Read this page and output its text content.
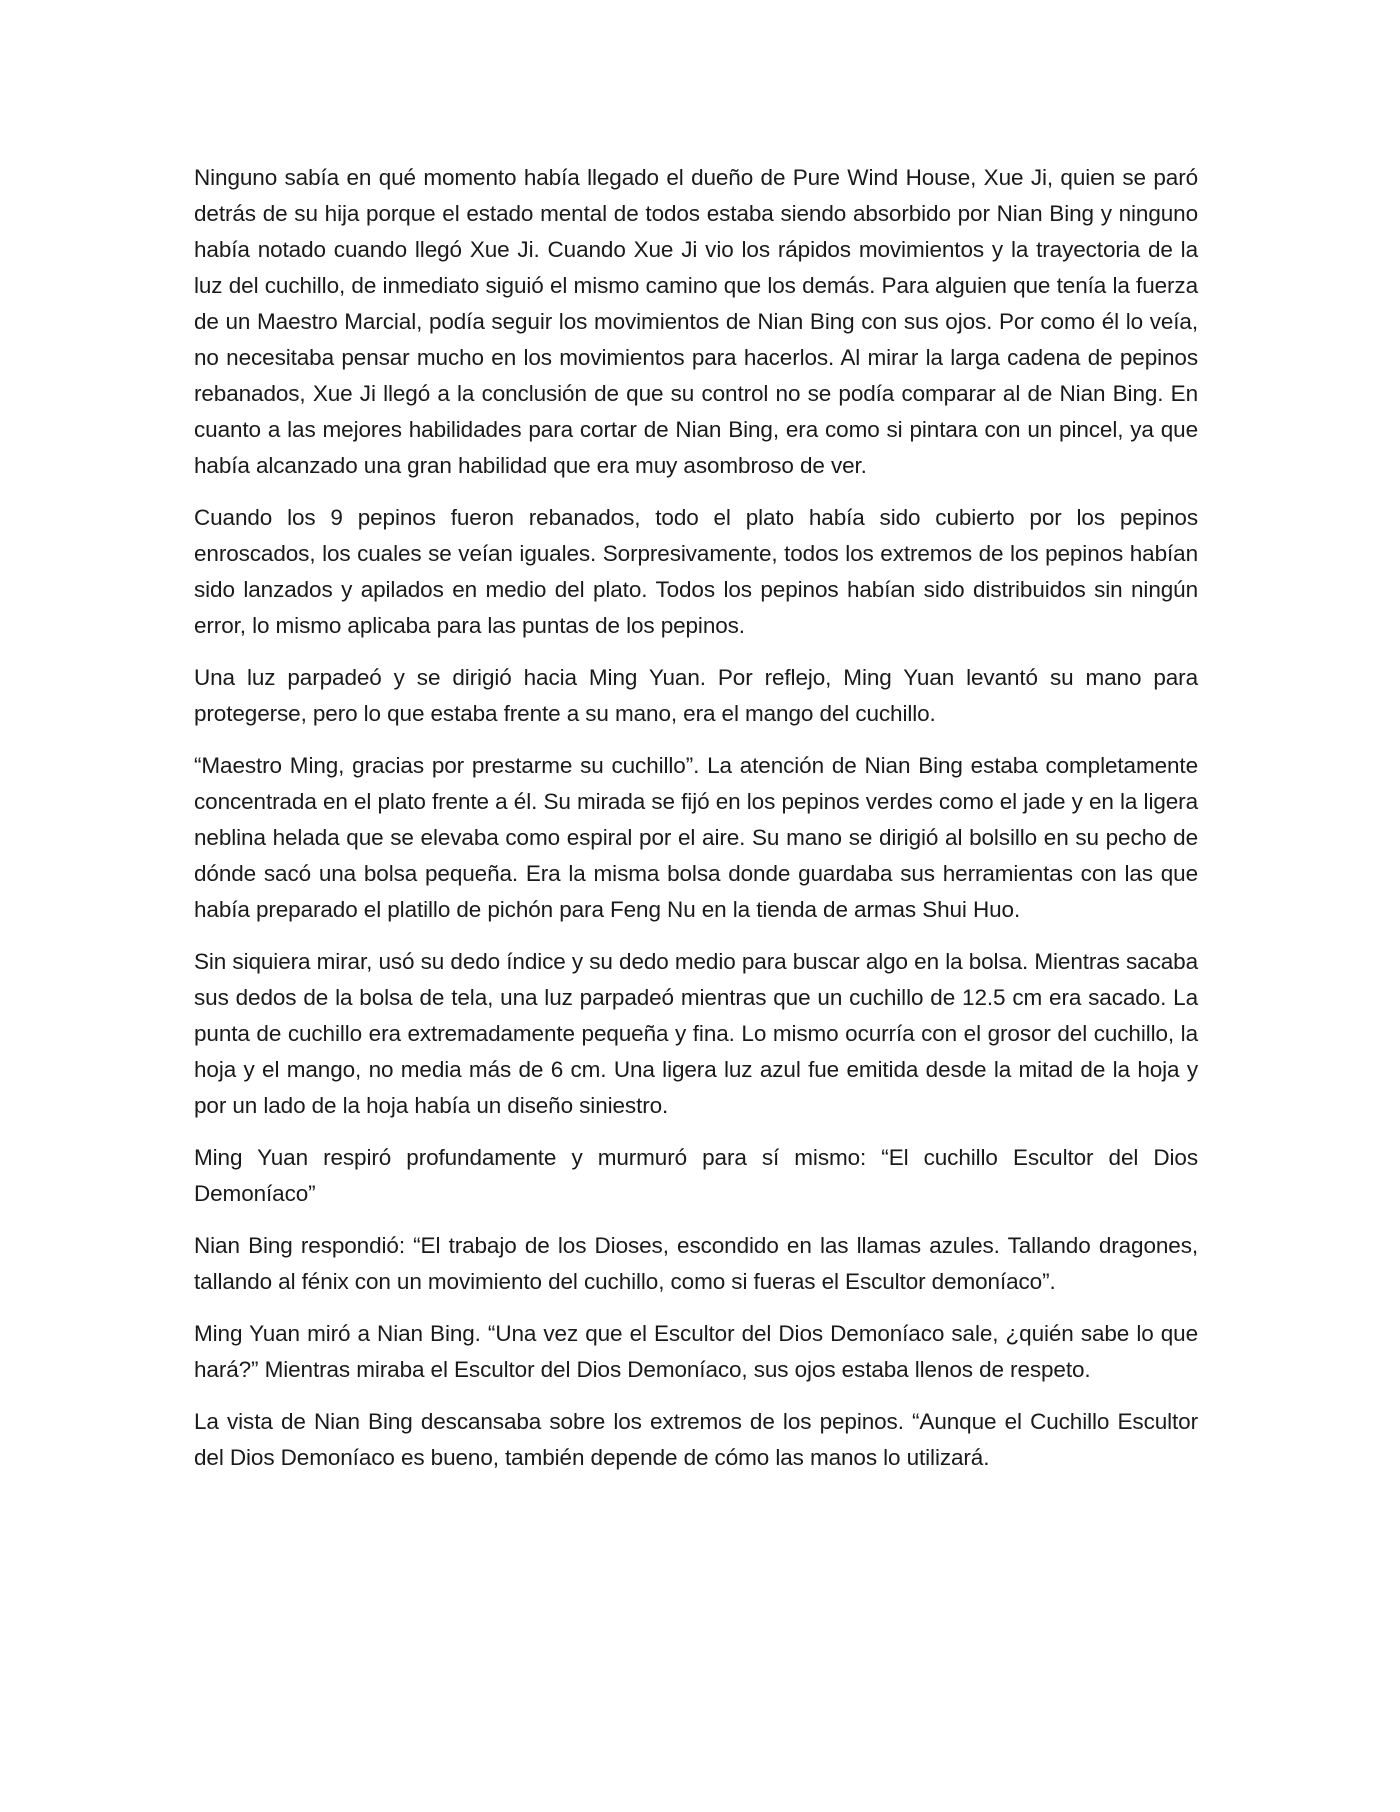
Ninguno sabía en qué momento había llegado el dueño de Pure Wind House, Xue Ji, quien se paró detrás de su hija porque el estado mental de todos estaba siendo absorbido por Nian Bing y ninguno había notado cuando llegó Xue Ji. Cuando Xue Ji vio los rápidos movimientos y la trayectoria de la luz del cuchillo, de inmediato siguió el mismo camino que los demás. Para alguien que tenía la fuerza de un Maestro Marcial, podía seguir los movimientos de Nian Bing con sus ojos. Por como él lo veía, no necesitaba pensar mucho en los movimientos para hacerlos. Al mirar la larga cadena de pepinos rebanados, Xue Ji llegó a la conclusión de que su control no se podía comparar al de Nian Bing. En cuanto a las mejores habilidades para cortar de Nian Bing, era como si pintara con un pincel, ya que había alcanzado una gran habilidad que era muy asombroso de ver.

Cuando los 9 pepinos fueron rebanados, todo el plato había sido cubierto por los pepinos enroscados, los cuales se veían iguales. Sorpresivamente, todos los extremos de los pepinos habían sido lanzados y apilados en medio del plato. Todos los pepinos habían sido distribuidos sin ningún error, lo mismo aplicaba para las puntas de los pepinos.

Una luz parpadeó y se dirigió hacia Ming Yuan. Por reflejo, Ming Yuan levantó su mano para protegerse, pero lo que estaba frente a su mano, era el mango del cuchillo.

“Maestro Ming, gracias por prestarme su cuchillo”. La atención de Nian Bing estaba completamente concentrada en el plato frente a él. Su mirada se fijó en los pepinos verdes como el jade y en la ligera neblina helada que se elevaba como espiral por el aire. Su mano se dirigió al bolsillo en su pecho de dónde sacó una bolsa pequeña. Era la misma bolsa donde guardaba sus herramientas con las que había preparado el platillo de pichón para Feng Nu en la tienda de armas Shui Huo.

Sin siquiera mirar, usó su dedo índice y su dedo medio para buscar algo en la bolsa. Mientras sacaba sus dedos de la bolsa de tela, una luz parpadeó mientras que un cuchillo de 12.5 cm era sacado. La punta de cuchillo era extremadamente pequeña y fina. Lo mismo ocurría con el grosor del cuchillo, la hoja y el mango, no media más de 6 cm. Una ligera luz azul fue emitida desde la mitad de la hoja y por un lado de la hoja había un diseño siniestro.

Ming Yuan respiró profundamente y murmuró para sí mismo: “El cuchillo Escultor del Dios Demoníaco”

Nian Bing respondió: “El trabajo de los Dioses, escondido en las llamas azules. Tallando dragones, tallando al fénix con un movimiento del cuchillo, como si fueras el Escultor demoníaco”.

Ming Yuan miró a Nian Bing. “Una vez que el Escultor del Dios Demoníaco sale, ¿quién sabe lo que hará?” Mientras miraba el Escultor del Dios Demoníaco, sus ojos estaba llenos de respeto.

La vista de Nian Bing descansaba sobre los extremos de los pepinos. “Aunque el Cuchillo Escultor del Dios Demoníaco es bueno, también depende de cómo las manos lo utilizará.
